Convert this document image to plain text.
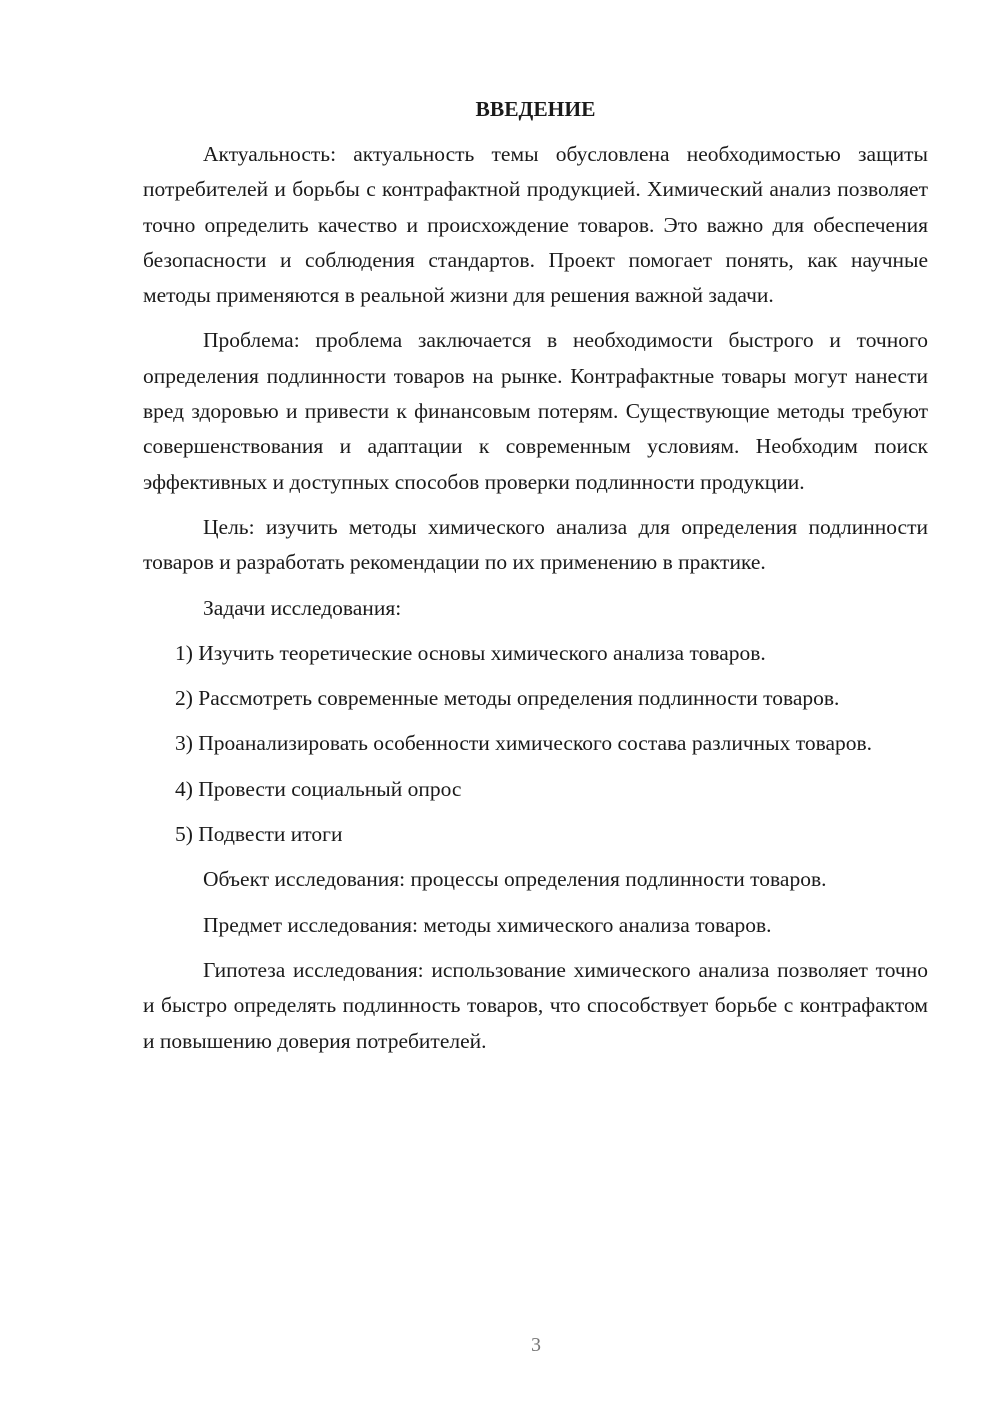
ВВЕДЕНИЕ

Актуальность: актуальность темы обусловлена необходимостью защиты потребителей и борьбы с контрафактной продукцией. Химический анализ позволяет точно определить качество и происхождение товаров. Это важно для обеспечения безопасности и соблюдения стандартов. Проект помогает понять, как научные методы применяются в реальной жизни для решения важной задачи.

Проблема: проблема заключается в необходимости быстрого и точного определения подлинности товаров на рынке. Контрафактные товары могут нанести вред здоровью и привести к финансовым потерям. Существующие методы требуют совершенствования и адаптации к современным условиям. Необходим поиск эффективных и доступных способов проверки подлинности продукции.

Цель: изучить методы химического анализа для определения подлинности товаров и разработать рекомендации по их применению в практике.

Задачи исследования:

1) Изучить теоретические основы химического анализа товаров.

2) Рассмотреть современные методы определения подлинности товаров.

3) Проанализировать особенности химического состава различных товаров.

4) Провести социальный опрос

5) Подвести итоги

Объект исследования: процессы определения подлинности товаров.

Предмет исследования: методы химического анализа товаров.

Гипотеза исследования: использование химического анализа позволяет точно и быстро определять подлинность товаров, что способствует борьбе с контрафактом и повышению доверия потребителей.

3
